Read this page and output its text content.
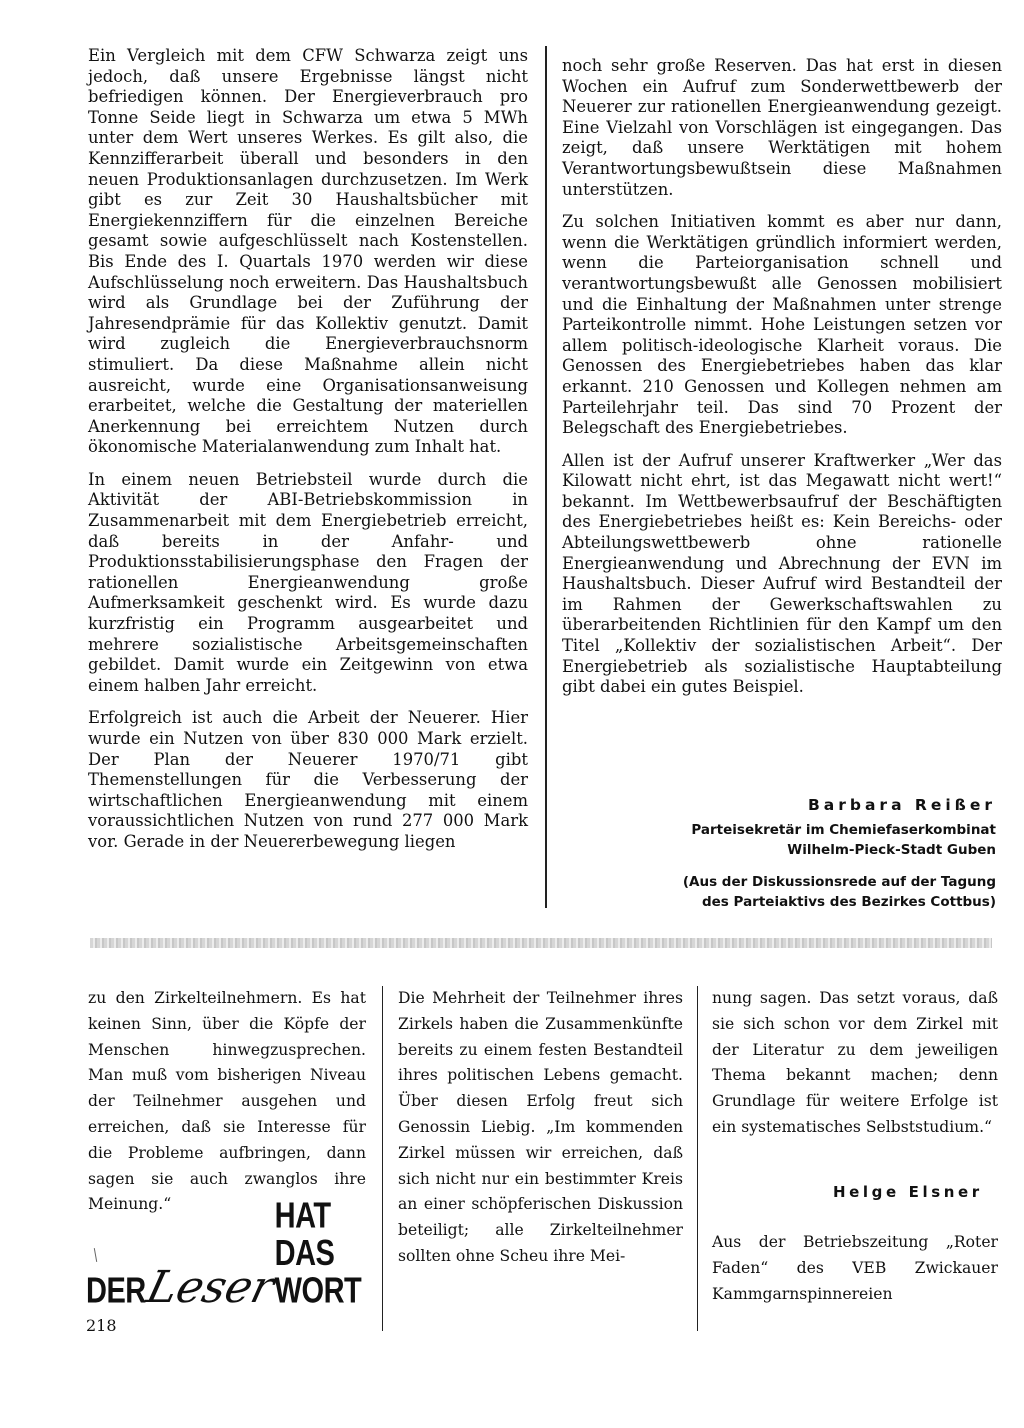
Ein Vergleich mit dem CFW Schwarza zeigt uns jedoch, daß unsere Ergebnisse längst nicht befriedigen können. Der Energieverbrauch pro Tonne Seide liegt in Schwarza um etwa 5 MWh unter dem Wert unseres Werkes. Es gilt also, die Kennzifferarbeit überall und besonders in den neuen Produktionsanlagen durchzusetzen. Im Werk gibt es zur Zeit 30 Haushaltsbücher mit Energiekennziffern für die einzelnen Bereiche gesamt sowie aufgeschlüsselt nach Kostenstellen. Bis Ende des I. Quartals 1970 werden wir diese Aufschlüsselung noch erweitern. Das Haushaltsbuch wird als Grundlage bei der Zuführung der Jahresendprämie für das Kollektiv genutzt. Damit wird zugleich die Energieverbrauchsnorm stimuliert. Da diese Maßnahme allein nicht ausreicht, wurde eine Organisationsanweisung erarbeitet, welche die Gestaltung der materiellen Anerkennung bei erreichtem Nutzen durch ökonomische Materialanwendung zum Inhalt hat.

In einem neuen Betriebsteil wurde durch die Aktivität der ABI-Betriebskommission in Zusammenarbeit mit dem Energiebetrieb erreicht, daß bereits in der Anfahr- und Produktionsstabilisierungsphase den Fragen der rationellen Energieanwendung große Aufmerksamkeit geschenkt wird. Es wurde dazu kurzfristig ein Programm ausgearbeitet und mehrere sozialistische Arbeitsgemeinschaften gebildet. Damit wurde ein Zeitgewinn von etwa einem halben Jahr erreicht.

Erfolgreich ist auch die Arbeit der Neuerer. Hier wurde ein Nutzen von über 830 000 Mark erzielt. Der Plan der Neuerer 1970/71 gibt Themenstellungen für die Verbesserung der wirtschaftlichen Energieanwendung mit einem voraussichtlichen Nutzen von rund 277 000 Mark vor. Gerade in der Neuererbewegung liegen

noch sehr große Reserven. Das hat erst in diesen Wochen ein Aufruf zum Sonderwettbewerb der Neuerer zur rationellen Energieanwendung gezeigt. Eine Vielzahl von Vorschlägen ist eingegangen. Das zeigt, daß unsere Werktätigen mit hohem Verantwortungsbewußtsein diese Maßnahmen unterstützen.

Zu solchen Initiativen kommt es aber nur dann, wenn die Werktätigen gründlich informiert werden, wenn die Parteiorganisation schnell und verantwortungsbewußt alle Genossen mobilisiert und die Einhaltung der Maßnahmen unter strenge Parteikontrolle nimmt. Hohe Leistungen setzen vor allem politisch-ideologische Klarheit voraus. Die Genossen des Energiebetriebes haben das klar erkannt. 210 Genossen und Kollegen nehmen am Parteilehrjahr teil. Das sind 70 Prozent der Belegschaft des Energiebetriebes.

Allen ist der Aufruf unserer Kraftwerker „Wer das Kilowatt nicht ehrt, ist das Megawatt nicht wert!“ bekannt. Im Wettbewerbsaufruf der Beschäftigten des Energiebetriebes heißt es: Kein Bereichs- oder Abteilungswettbewerb ohne rationelle Energieanwendung und Abrechnung der EVN im Haushaltsbuch. Dieser Aufruf wird Bestandteil der im Rahmen der Gewerkschaftswahlen zu überarbeitenden Richtlinien für den Kampf um den Titel „Kollektiv der sozialistischen Arbeit“. Der Energiebetrieb als sozialistische Hauptabteilung gibt dabei ein gutes Beispiel.

Barbara Reißer
Parteisekretär im Chemiefaserkombinat
Wilhelm-Pieck-Stadt Guben
(Aus der Diskussionsrede auf der Tagung
des Parteiaktivs des Bezirkes Cottbus)

zu den Zirkelteilnehmern. Es hat keinen Sinn, über die Köpfe der Menschen hinwegzusprechen. Man muß vom bisherigen Niveau der Teilnehmer ausgehen und erreichen, daß sie Interesse für die Probleme aufbringen, dann sagen sie auch zwanglos ihre Meinung.“

Die Mehrheit der Teilnehmer ihres Zirkels haben die Zusammenkünfte bereits zu einem festen Bestandteil ihres politischen Lebens gemacht. Über diesen Erfolg freut sich Genossin Liebig. „Im kommenden Zirkel müssen wir erreichen, daß sich nicht nur ein bestimmter Kreis an einer schöpferischen Diskussion beteiligt; alle Zirkelteilnehmer sollten ohne Scheu ihre Mei-

nung sagen. Das setzt voraus, daß sie sich schon vor dem Zirkel mit der Literatur zu dem jeweiligen Thema bekannt machen; denn Grundlage für weitere Erfolge ist ein systematisches Selbststudium.“

Helge Elsner
Aus der Betriebszeitung „Roter Faden“ des VEB Zwickauer Kammgarnspinnereien
DER
Leser
HAT DAS WORT
218
